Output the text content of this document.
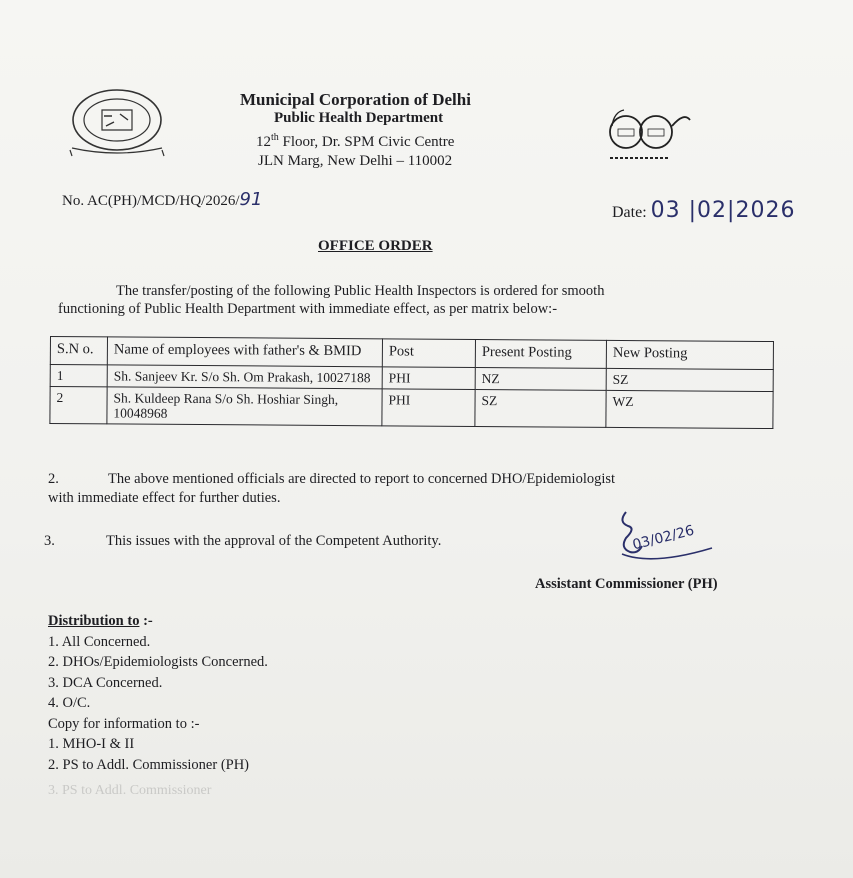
Municipal Corporation of Delhi
Public Health Department
12th Floor, Dr. SPM Civic Centre
JLN Marg, New Delhi – 110002
No. AC(PH)/MCD/HQ/2026/91
Date: 03 |02|2026
OFFICE ORDER
The transfer/posting of the following Public Health Inspectors is ordered for smooth
functioning of Public Health Department with immediate effect, as per matrix below:-
S.N o.	Name of employees with father's & BMID	Post	Present Posting	New Posting
1	Sh. Sanjeev Kr. S/o Sh. Om Prakash, 10027188	PHI	NZ	SZ
2	Sh. Kuldeep Rana S/o Sh. Hoshiar Singh, 10048968	PHI	SZ	WZ
2.	The above mentioned officials are directed to report to concerned DHO/Epidemiologist
with immediate effect for further duties.
3.	This issues with the approval of the Competent Authority.	03/02/26
Assistant Commissioner (PH)
Distribution to :-
1. All Concerned.
2. DHOs/Epidemiologists Concerned.
3. DCA Concerned.
4. O/C.
Copy for information to :-
1. MHO-I & II
2. PS to Addl. Commissioner (PH)
3. PS to Addl. Commissioner
